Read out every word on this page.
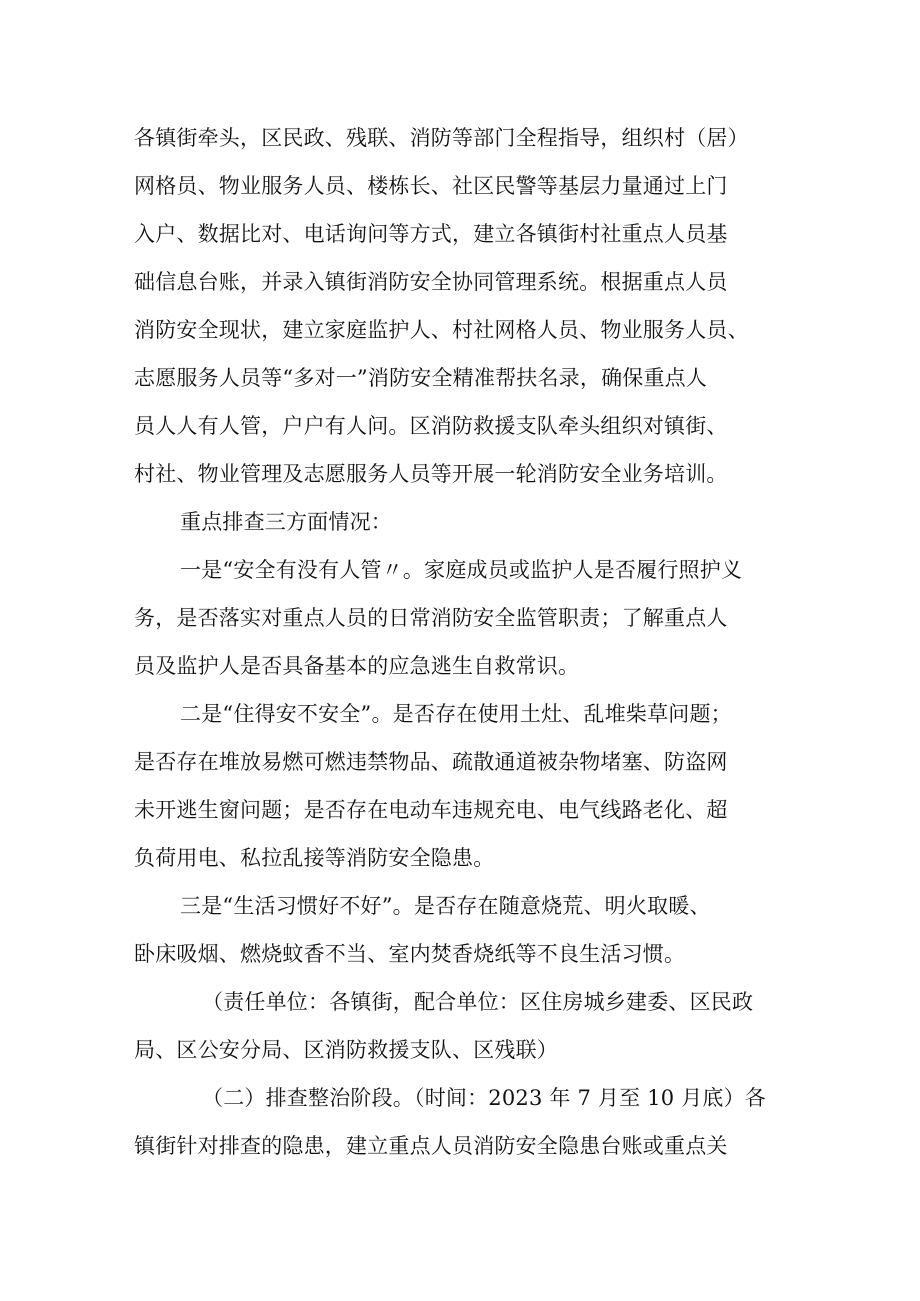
各镇街牵头，区民政、残联、消防等部门全程指导，组织村（居）
网格员、物业服务人员、楼栋长、社区民警等基层力量通过上门
入户、数据比对、电话询问等方式，建立各镇街村社重点人员基
础信息台账，并录入镇街消防安全协同管理系统。根据重点人员
消防安全现状，建立家庭监护人、村社网格人员、物业服务人员、
志愿服务人员等“多对一”消防安全精准帮扶名录，确保重点人
员人人有人管，户户有人问。区消防救援支队牵头组织对镇街、
村社、物业管理及志愿服务人员等开展一轮消防安全业务培训。
重点排查三方面情况：
一是“安全有没有人管〃。家庭成员或监护人是否履行照护义
务，是否落实对重点人员的日常消防安全监管职责；了解重点人
员及监护人是否具备基本的应急逃生自救常识。
二是“住得安不安全”。是否存在使用土灶、乱堆柴草问题；
是否存在堆放易燃可燃违禁物品、疏散通道被杂物堵塞、防盗网
未开逃生窗问题；是否存在电动车违规充电、电气线路老化、超
负荷用电、私拉乱接等消防安全隐患。
三是“生活习惯好不好”。是否存在随意烧荒、明火取暖、
卧床吸烟、燃烧蚊香不当、室内焚香烧纸等不良生活习惯。
（责任单位：各镇街，配合单位：区住房城乡建委、区民政
局、区公安分局、区消防救援支队、区残联）
（二）排查整治阶段。（时间：2023 年 7 月至 10 月底）各
镇街针对排查的隐患，建立重点人员消防安全隐患台账或重点关
